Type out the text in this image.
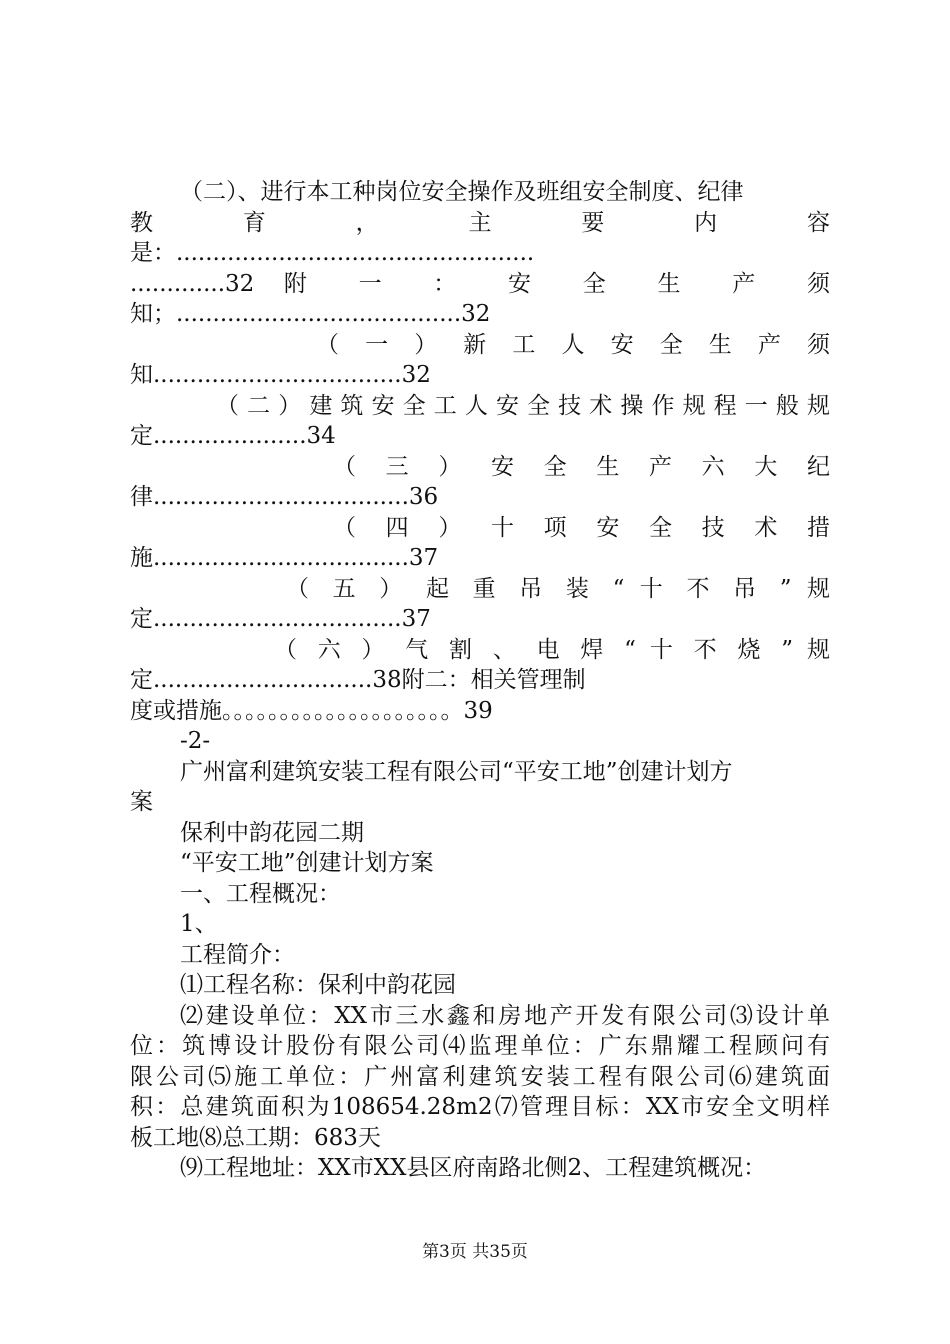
（二）、进行本工种岗位安全操作及班组安全制度、纪律
教 育 ， 主 要 内 容
是：.................................................
.............32 附 一 ： 安 全 生 产 须
知；.......................................32
（ 一 ） 新 工 人 安 全 生 产 须
知..................................32
（二）建筑安全工人安全技术操作规程一般规
定.....................34
（ 三 ） 安 全 生 产 六 大 纪
律...................................36
（ 四 ） 十 项 安 全 技 术 措
施...................................37
（ 五 ） 起 重 吊 装 “ 十 不 吊 ” 规
定..................................37
（ 六 ） 气 割 、 电 焊 “ 十 不 烧 ” 规
定..............................38附二：相关管理制
度或措施。。。。。。。。。。。。。。。。。。。。39
-2-
广州富利建筑安装工程有限公司“平安工地”创建计划方
案
保利中韵花园二期
“平安工地”创建计划方案
一、工程概况：
1、
工程简介：
⑴工程名称：保利中韵花园
⑵建设单位：XX市三水鑫和房地产开发有限公司⑶设计单
位：筑博设计股份有限公司⑷监理单位：广东鼎耀工程顾问有
限公司⑸施工单位：广州富利建筑安装工程有限公司⑹建筑面
积：总建筑面积为108654.28m2⑺管理目标：XX市安全文明样
板工地⑻总工期：683天
⑼工程地址：XX市XX县区府南路北侧2、工程建筑概况：
第3页 共35页
